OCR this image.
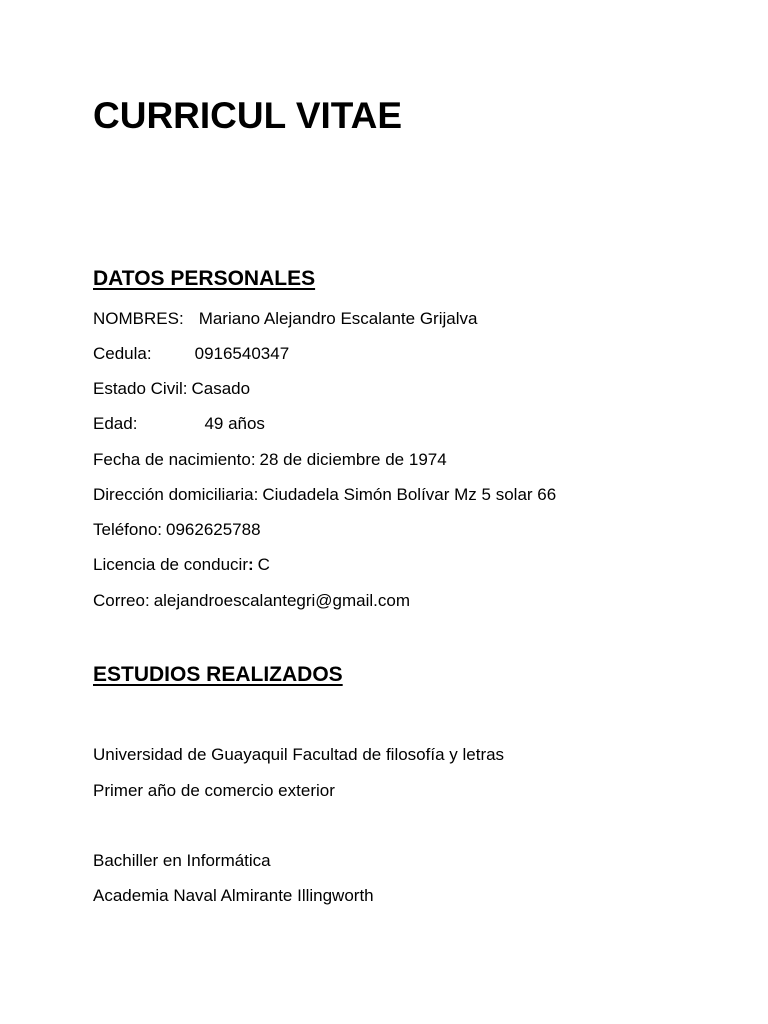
CURRICUL VITAE
DATOS PERSONALES

NOMBRES: Mariano Alejandro Escalante Grijalva

Cedula:	0916540347

Estado Civil: Casado

Edad:	49 años

Fecha de nacimiento: 28 de diciembre de 1974

Dirección domiciliaria: Ciudadela Simón Bolívar Mz 5 solar 66

Teléfono: 0962625788

Licencia de conducir: C

Correo: alejandroescalantegri@gmail.com

ESTUDIOS REALIZADOS

Universidad de Guayaquil Facultad de filosofía y letras

Primer año de comercio exterior

Bachiller en Informática

Academia Naval Almirante Illingworth
